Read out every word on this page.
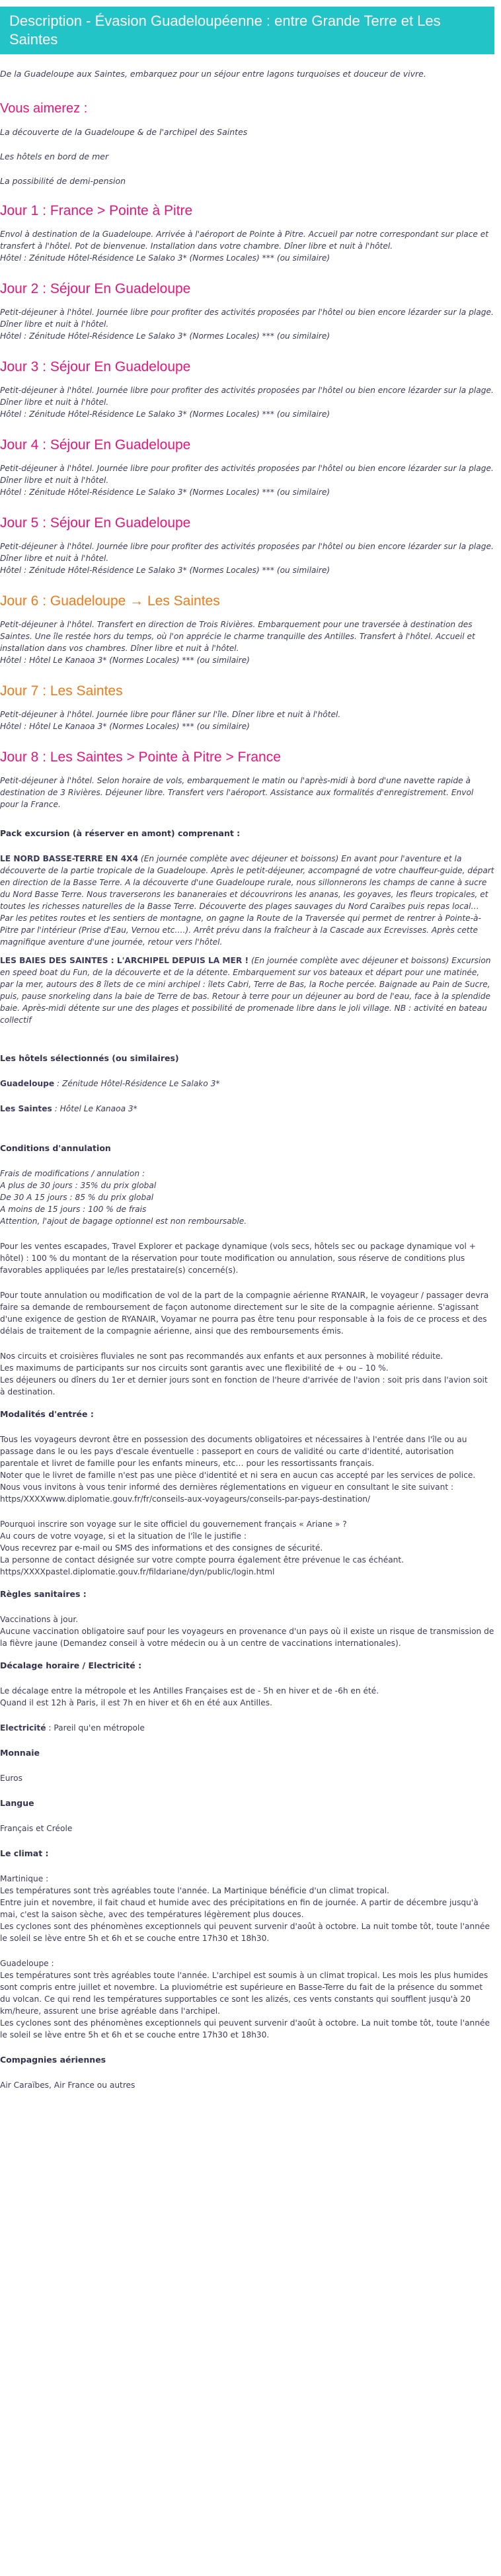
Description - Évasion Guadeloupéenne : entre Grande Terre et Les Saintes

De la Guadeloupe aux Saintes, embarquez pour un séjour entre lagons turquoises et douceur de vivre.

Vous aimerez :

La découverte de la Guadeloupe & de l'archipel des Saintes

Les hôtels en bord de mer

La possibilité de demi-pension

Jour 1 : France > Pointe à Pitre

Envol à destination de la Guadeloupe. Arrivée à l'aéroport de Pointe à Pitre. Accueil par notre correspondant sur place et transfert à l'hôtel. Pot de bienvenue. Installation dans votre chambre. Dîner libre et nuit à l'hôtel.
Hôtel : Zénitude Hôtel-Résidence Le Salako 3* (Normes Locales) *** (ou similaire)

Jour 2 : Séjour En Guadeloupe

Petit-déjeuner à l'hôtel. Journée libre pour profiter des activités proposées par l'hôtel ou bien encore lézarder sur la plage. Dîner libre et nuit à l'hôtel.
Hôtel : Zénitude Hôtel-Résidence Le Salako 3* (Normes Locales) *** (ou similaire)

Jour 3 : Séjour En Guadeloupe

Petit-déjeuner à l'hôtel. Journée libre pour profiter des activités proposées par l'hôtel ou bien encore lézarder sur la plage. Dîner libre et nuit à l'hôtel.
Hôtel : Zénitude Hôtel-Résidence Le Salako 3* (Normes Locales) *** (ou similaire)

Jour 4 : Séjour En Guadeloupe

Petit-déjeuner à l'hôtel. Journée libre pour profiter des activités proposées par l'hôtel ou bien encore lézarder sur la plage. Dîner libre et nuit à l'hôtel.
Hôtel : Zénitude Hôtel-Résidence Le Salako 3* (Normes Locales) *** (ou similaire)

Jour 5 : Séjour En Guadeloupe

Petit-déjeuner à l'hôtel. Journée libre pour profiter des activités proposées par l'hôtel ou bien encore lézarder sur la plage. Dîner libre et nuit à l'hôtel.
Hôtel : Zénitude Hôtel-Résidence Le Salako 3* (Normes Locales) *** (ou similaire)

Jour 6 : Guadeloupe → Les Saintes

Petit-déjeuner à l'hôtel. Transfert en direction de Trois Rivières. Embarquement pour une traversée à destination des Saintes. Une île restée hors du temps, où l'on apprécie le charme tranquille des Antilles. Transfert à l'hôtel. Accueil et installation dans vos chambres. Dîner libre et nuit à l'hôtel.
Hôtel : Hôtel Le Kanaoa 3* (Normes Locales) *** (ou similaire)

Jour 7 : Les Saintes

Petit-déjeuner à l'hôtel. Journée libre pour flâner sur l'île. Dîner libre et nuit à l'hôtel.
Hôtel : Hôtel Le Kanaoa 3* (Normes Locales) *** (ou similaire)

Jour 8 : Les Saintes > Pointe à Pitre > France

Petit-déjeuner à l'hôtel. Selon horaire de vols, embarquement le matin ou l'après-midi à bord d'une navette rapide à destination de 3 Rivières. Déjeuner libre. Transfert vers l'aéroport. Assistance aux formalités d'enregistrement. Envol pour la France.

Pack excursion (à réserver en amont) comprenant :

LE NORD BASSE-TERRE EN 4X4 (En journée complète avec déjeuner et boissons) En avant pour l'aventure et la découverte de la partie tropicale de la Guadeloupe. Après le petit-déjeuner, accompagné de votre chauffeur-guide, départ en direction de la Basse Terre. A la découverte d'une Guadeloupe rurale, nous sillonnerons les champs de canne à sucre du Nord Basse Terre. Nous traverserons les bananeraies et découvrirons les ananas, les goyaves, les fleurs tropicales, et toutes les richesses naturelles de la Basse Terre. Découverte des plages sauvages du Nord Caraïbes puis repas local… Par les petites routes et les sentiers de montagne, on gagne la Route de la Traversée qui permet de rentrer à Pointe-à-Pitre par l'intérieur (Prise d'Eau, Vernou etc.…). Arrêt prévu dans la fraîcheur à la Cascade aux Ecrevisses. Après cette magnifique aventure d'une journée, retour vers l'hôtel.

LES BAIES DES SAINTES : L'ARCHIPEL DEPUIS LA MER ! (En journée complète avec déjeuner et boissons) Excursion en speed boat du Fun, de la découverte et de la détente. Embarquement sur vos bateaux et départ pour une matinée, par la mer, autours des 8 îlets de ce mini archipel : îlets Cabri, Terre de Bas, la Roche percée. Baignade au Pain de Sucre, puis, pause snorkeling dans la baie de Terre de bas. Retour à terre pour un déjeuner au bord de l'eau, face à la splendide baie. Après-midi détente sur une des plages et possibilité de promenade libre dans le joli village. NB : activité en bateau collectif

Les hôtels sélectionnés (ou similaires)

Guadeloupe : Zénitude Hôtel-Résidence Le Salako 3*

Les Saintes : Hôtel Le Kanaoa 3*

Conditions d'annulation

Frais de modifications / annulation :
A plus de 30 jours : 35% du prix global
De 30 A 15 jours : 85 % du prix global
A moins de 15 jours : 100 % de frais
Attention, l'ajout de bagage optionnel est non remboursable.

Pour les ventes escapades, Travel Explorer et package dynamique (vols secs, hôtels sec ou package dynamique vol + hôtel) : 100 % du montant de la réservation pour toute modification ou annulation, sous réserve de conditions plus favorables appliquées par le/les prestataire(s) concerné(s).

Pour toute annulation ou modification de vol de la part de la compagnie aérienne RYANAIR, le voyageur / passager devra faire sa demande de remboursement de façon autonome directement sur le site de la compagnie aérienne. S'agissant d'une exigence de gestion de RYANAIR, Voyamar ne pourra pas être tenu pour responsable à la fois de ce process et des délais de traitement de la compagnie aérienne, ainsi que des remboursements émis.

Nos circuits et croisières fluviales ne sont pas recommandés aux enfants et aux personnes à mobilité réduite.
Les maximums de participants sur nos circuits sont garantis avec une flexibilité de + ou – 10 %.
Les déjeuners ou dîners du 1er et dernier jours sont en fonction de l'heure d'arrivée de l'avion : soit pris dans l'avion soit à destination.

Modalités d'entrée :

Tous les voyageurs devront être en possession des documents obligatoires et nécessaires à l'entrée dans l'île ou au passage dans le ou les pays d'escale éventuelle : passeport en cours de validité ou carte d'identité, autorisation parentale et livret de famille pour les enfants mineurs, etc… pour les ressortissants français.
Noter que le livret de famille n'est pas une pièce d'identité et ni sera en aucun cas accepté par les services de police.
Nous vous invitons à vous tenir informé des dernières réglementations en vigueur en consultant le site suivant :
https/XXXXwww.diplomatie.gouv.fr/fr/conseils-aux-voyageurs/conseils-par-pays-destination/

Pourquoi inscrire son voyage sur le site officiel du gouvernement français « Ariane » ?
Au cours de votre voyage, si et la situation de l'île le justifie :
Vous recevrez par e-mail ou SMS des informations et des consignes de sécurité.
La personne de contact désignée sur votre compte pourra également être prévenue le cas échéant.
https/XXXXpastel.diplomatie.gouv.fr/fildariane/dyn/public/login.html

Règles sanitaires :

Vaccinations à jour.
Aucune vaccination obligatoire sauf pour les voyageurs en provenance d'un pays où il existe un risque de transmission de la fièvre jaune (Demandez conseil à votre médecin ou à un centre de vaccinations internationales).

Décalage horaire / Electricité :

Le décalage entre la métropole et les Antilles Françaises est de - 5h en hiver et de -6h en été.
Quand il est 12h à Paris, il est 7h en hiver et 6h en été aux Antilles.

Electricité : Pareil qu'en métropole

Monnaie

Euros

Langue

Français et Créole

Le climat :

Martinique :
Les températures sont très agréables toute l'année. La Martinique bénéficie d'un climat tropical.
Entre juin et novembre, il fait chaud et humide avec des précipitations en fin de journée. A partir de décembre jusqu'à mai, c'est la saison sèche, avec des températures légèrement plus douces.
Les cyclones sont des phénomènes exceptionnels qui peuvent survenir d'août à octobre. La nuit tombe tôt, toute l'année le soleil se lève entre 5h et 6h et se couche entre 17h30 et 18h30.

Guadeloupe :
Les températures sont très agréables toute l'année. L'archipel est soumis à un climat tropical. Les mois les plus humides sont compris entre juillet et novembre. La pluviométrie est supérieure en Basse-Terre du fait de la présence du sommet du volcan. Ce qui rend les températures supportables ce sont les alizés, ces vents constants qui soufflent jusqu'à 20 km/heure, assurent une brise agréable dans l'archipel.
Les cyclones sont des phénomènes exceptionnels qui peuvent survenir d'août à octobre. La nuit tombe tôt, toute l'année le soleil se lève entre 5h et 6h et se couche entre 17h30 et 18h30.

Compagnies aériennes

Air Caraïbes, Air France ou autres
